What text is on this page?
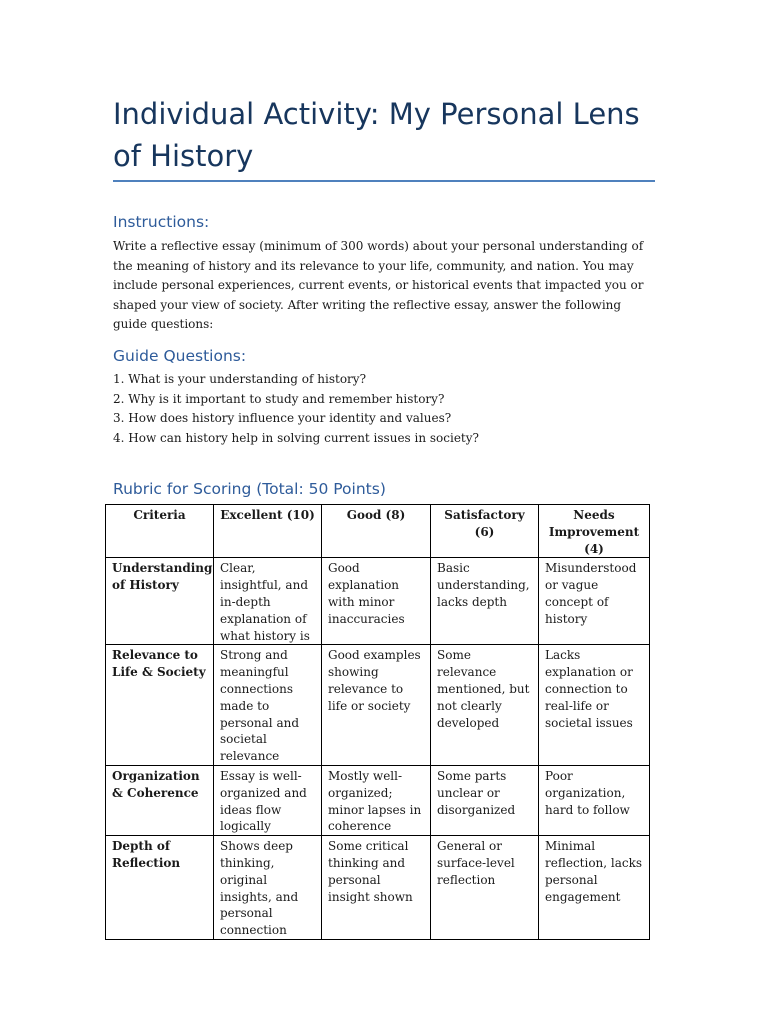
Individual Activity: My Personal Lens of History
Instructions:

Write a reflective essay (minimum of 300 words) about your personal understanding of the meaning of history and its relevance to your life, community, and nation. You may include personal experiences, current events, or historical events that impacted you or shaped your view of society. After writing the reflective essay, answer the following guide questions:

Guide Questions:
1. What is your understanding of history?
2. Why is it important to study and remember history?
3. How does history influence your identity and values?
4. How can history help in solving current issues in society?
Rubric for Scoring (Total: 50 Points)
Criteria	Excellent (10)	Good (8)	Satisfactory (6)	Needs Improvement (4)
Understanding of History	Clear, insightful, and in-depth explanation of what history is	Good explanation with minor inaccuracies	Basic understanding, lacks depth	Misunderstood or vague concept of history
Relevance to Life & Society	Strong and meaningful connections made to personal and societal relevance	Good examples showing relevance to life or society	Some relevance mentioned, but not clearly developed	Lacks explanation or connection to real-life or societal issues
Organization & Coherence	Essay is well-organized and ideas flow logically	Mostly well-organized; minor lapses in coherence	Some parts unclear or disorganized	Poor organization, hard to follow
Depth of Reflection	Shows deep thinking, original insights, and personal connection	Some critical thinking and personal insight shown	General or surface-level reflection	Minimal reflection, lacks personal engagement
